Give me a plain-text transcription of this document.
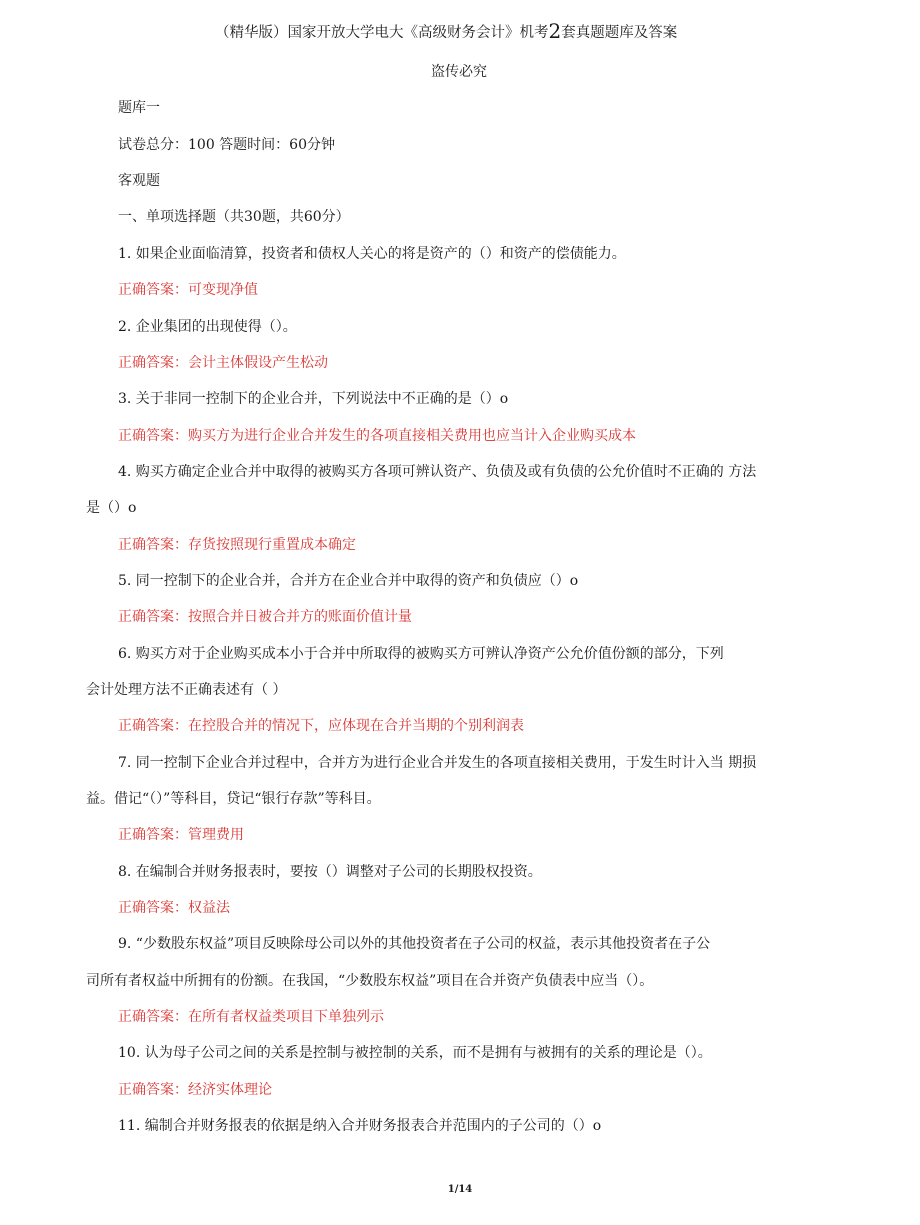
（精华版）国家开放大学电大《高级财务会计》机考2套真题题库及答案
盗传必究
题库一
试卷总分：100 答题时间：60分钟
客观题
一、单项选择题（共30题，共60分）
1. 如果企业面临清算，投资者和债权人关心的将是资产的（）和资产的偿债能力。
正确答案：可变现净值
2. 企业集团的出现使得（）。
正确答案：会计主体假设产生松动
3. 关于非同一控制下的企业合并，下列说法中不正确的是（）o
正确答案：购买方为进行企业合并发生的各项直接相关费用也应当计入企业购买成本
4. 购买方确定企业合并中取得的被购买方各项可辨认资产、负债及或有负债的公允价值时不正确的 方法
是（）o
正确答案：存货按照现行重置成本确定
5. 同一控制下的企业合并，合并方在企业合并中取得的资产和负债应（）o
正确答案：按照合并日被合并方的账面价值计量
6. 购买方对于企业购买成本小于合并中所取得的被购买方可辨认净资产公允价值份额的部分，下列
会计处理方法不正确表述有（ ）
正确答案：在控股合并的情况下，应体现在合并当期的个别利润表
7. 同一控制下企业合并过程中，合并方为进行企业合并发生的各项直接相关费用，于发生时计入当 期损
益。借记“（）”等科目，贷记“银行存款”等科目。
正确答案：管理费用
8. 在编制合并财务报表时，要按（）调整对子公司的长期股权投资。
正确答案：权益法
9. “少数股东权益”项目反映除母公司以外的其他投资者在子公司的权益，表示其他投资者在子公
司所有者权益中所拥有的份额。在我国，“少数股东权益”项目在合并资产负债表中应当（）。
正确答案：在所有者权益类项目下单独列示
10. 认为母子公司之间的关系是控制与被控制的关系，而不是拥有与被拥有的关系的理论是（）。
正确答案：经济实体理论
11. 编制合并财务报表的依据是纳入合并财务报表合并范围内的子公司的（）o
1/14
